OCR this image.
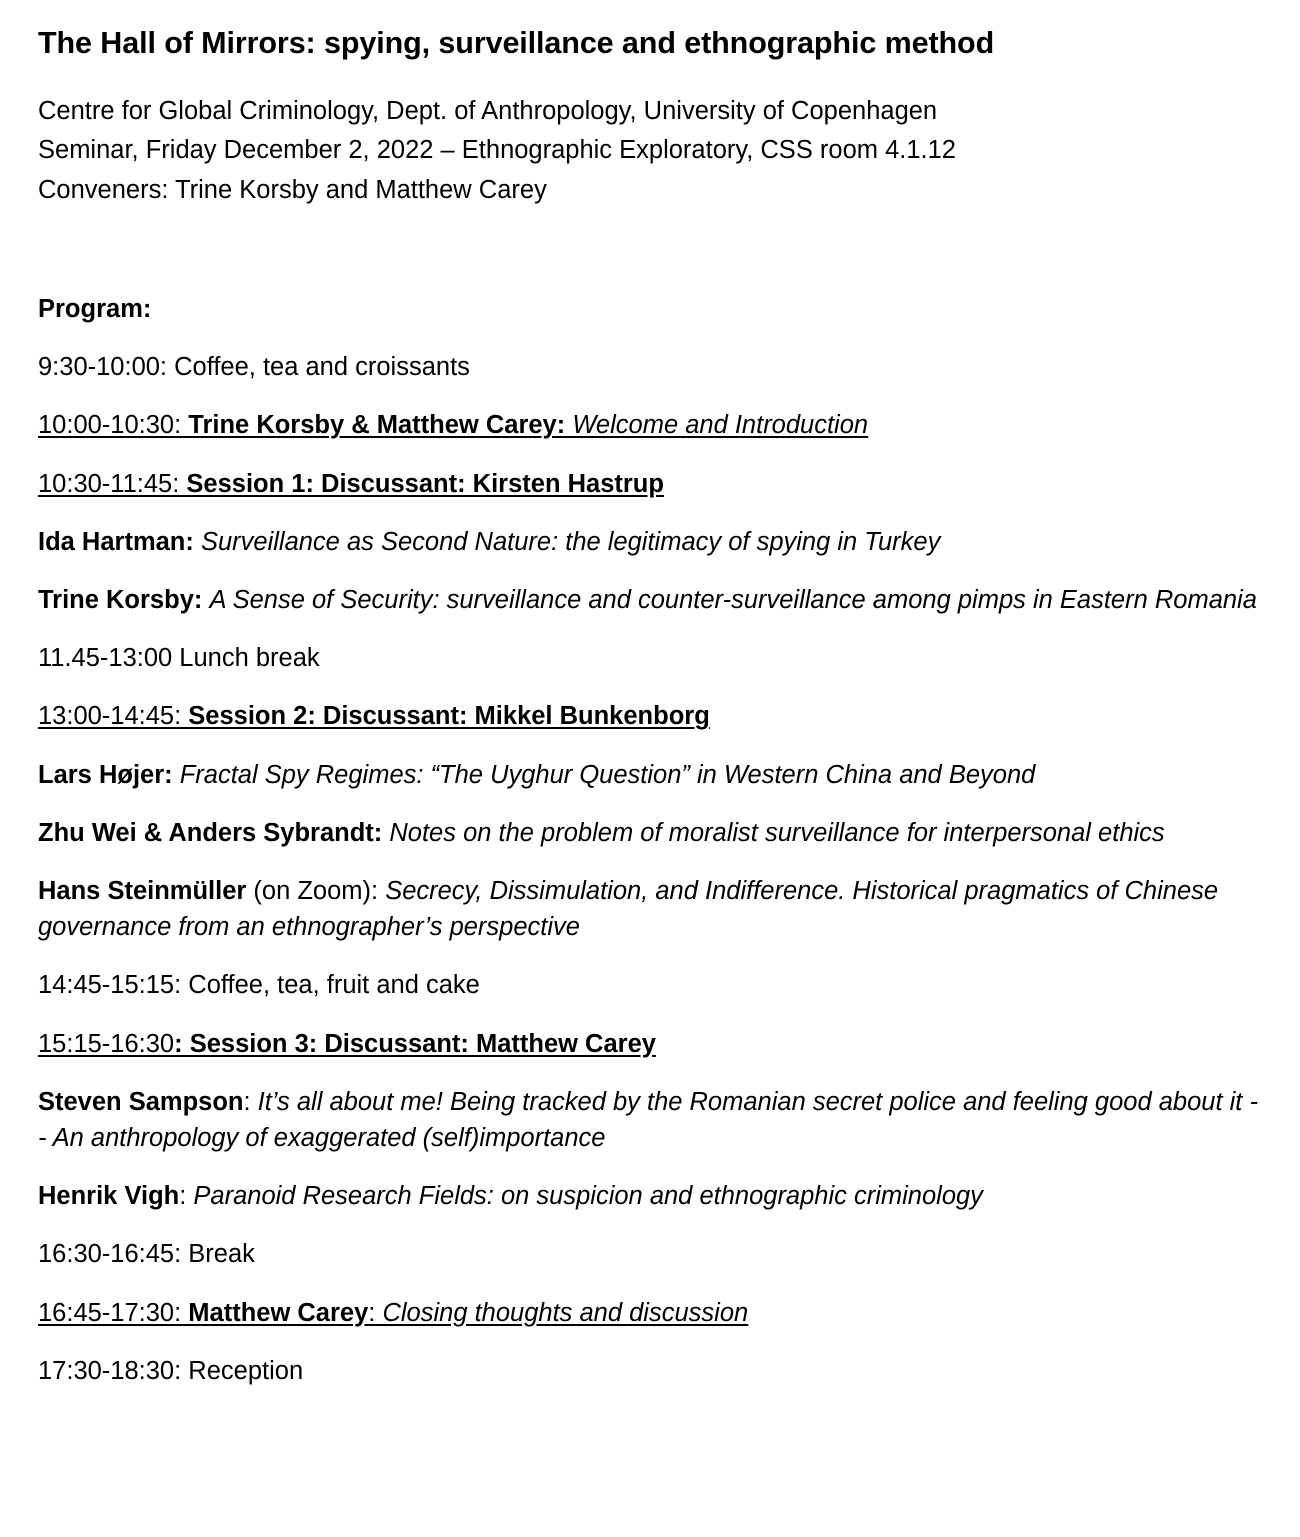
The Hall of Mirrors: spying, surveillance and ethnographic method

Centre for Global Criminology, Dept. of Anthropology, University of Copenhagen

Seminar, Friday December 2, 2022 – Ethnographic Exploratory, CSS room 4.1.12

Conveners: Trine Korsby and Matthew Carey

Program:

9:30-10:00: Coffee, tea and croissants

10:00-10:30: Trine Korsby & Matthew Carey: Welcome and Introduction

10:30-11:45: Session 1: Discussant: Kirsten Hastrup

Ida Hartman: Surveillance as Second Nature: the legitimacy of spying in Turkey

Trine Korsby: A Sense of Security: surveillance and counter-surveillance among pimps in Eastern Romania

11.45-13:00 Lunch break

13:00-14:45: Session 2: Discussant: Mikkel Bunkenborg

Lars Højer: Fractal Spy Regimes: “The Uyghur Question” in Western China and Beyond

Zhu Wei & Anders Sybrandt: Notes on the problem of moralist surveillance for interpersonal ethics

Hans Steinmüller (on Zoom): Secrecy, Dissimulation, and Indifference. Historical pragmatics of Chinese governance from an ethnographer’s perspective

14:45-15:15: Coffee, tea, fruit and cake

15:15-16:30: Session 3: Discussant: Matthew Carey

Steven Sampson: It’s all about me! Being tracked by the Romanian secret police and feeling good about it -- An anthropology of exaggerated (self)importance

Henrik Vigh: Paranoid Research Fields: on suspicion and ethnographic criminology

16:30-16:45: Break

16:45-17:30: Matthew Carey: Closing thoughts and discussion

17:30-18:30: Reception
